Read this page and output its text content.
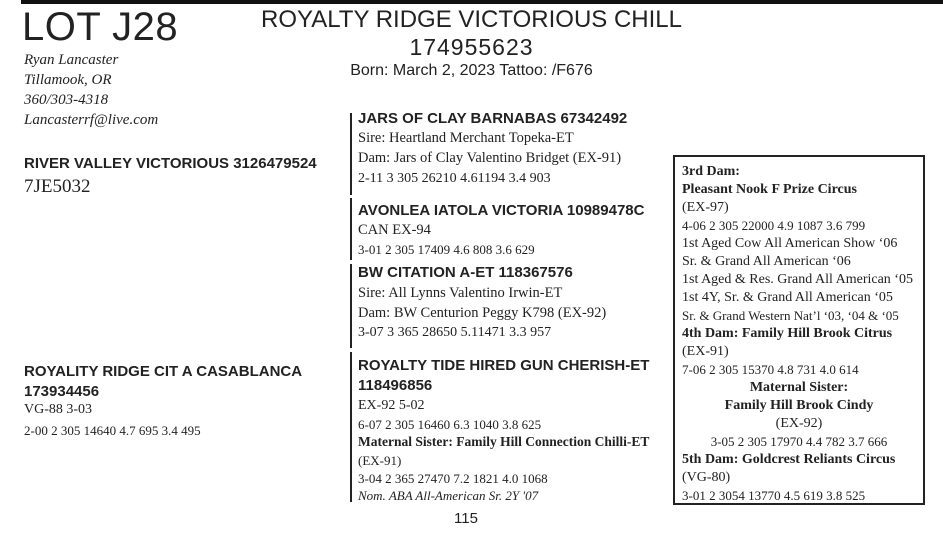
LOT J28	ROYALTY RIDGE VICTORIOUS CHILL
174955623
Born: March 2, 2023 Tattoo: /F676
Ryan Lancaster
Tillamook, OR
360/303-4318
Lancasterrf@live.com
RIVER VALLEY VICTORIOUS 3126479524
7JE5032
ROYALITY RIDGE CIT A CASABLANCA
173934456
VG-88 3-03
2-00 2 305 14640 4.7 695 3.4 495
JARS OF CLAY BARNABAS 67342492
Sire: Heartland Merchant Topeka-ET
Dam: Jars of Clay Valentino Bridget (EX-91)
2-11 3 305 26210 4.61194 3.4 903
AVONLEA IATOLA VICTORIA 10989478C
CAN EX-94
3-01 2 305 17409 4.6 808 3.6 629
BW CITATION A-ET 118367576
Sire: All Lynns Valentino Irwin-ET
Dam: BW Centurion Peggy K798 (EX-92)
3-07 3 365 28650 5.11471 3.3 957
ROYALTY TIDE HIRED GUN CHERISH-ET
118496856
EX-92 5-02
6-07 2 305 16460 6.3 1040 3.8 625
Maternal Sister: Family Hill Connection Chilli-ET
(EX-91)
3-04 2 365 27470 7.2 1821 4.0 1068
Nom. ABA All-American Sr. 2Y '07
3rd Dam:
Pleasant Nook F Prize Circus
(EX-97)
4-06 2 305 22000 4.9 1087 3.6 799
1st Aged Cow All American Show ‘06
Sr. & Grand All American ‘06
1st Aged & Res. Grand All American ‘05
1st 4Y, Sr. & Grand All American ‘05
Sr. & Grand Western Nat’l ‘03, ‘04 & ‘05
4th Dam: Family Hill Brook Citrus
(EX-91)
7-06 2 305 15370 4.8 731 4.0 614
Maternal Sister:
Family Hill Brook Cindy
(EX-92)
3-05 2 305 17970 4.4 782 3.7 666
5th Dam: Goldcrest Reliants Circus
(VG-80)
3-01 2 3054 13770 4.5 619 3.8 525
115
